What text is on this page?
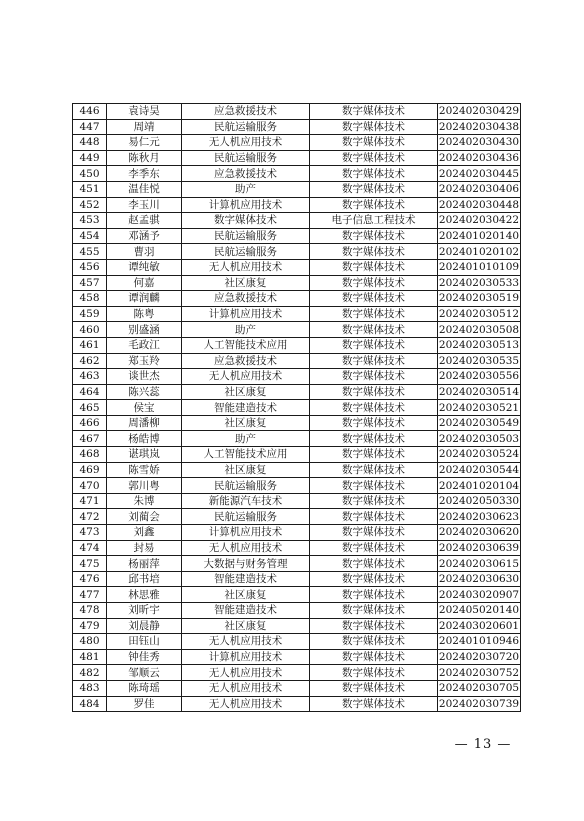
446	袁诗昊	应急救援技术	数字媒体技术	202402030429
447	周靖	民航运输服务	数字媒体技术	202402030438
448	易仁元	无人机应用技术	数字媒体技术	202402030430
449	陈秋月	民航运输服务	数字媒体技术	202402030436
450	李季东	应急救援技术	数字媒体技术	202402030445
451	温佳悦	助产	数字媒体技术	202402030406
452	李玉川	计算机应用技术	数字媒体技术	202402030448
453	赵孟骐	数字媒体技术	电子信息工程技术	202402030422
454	邓涵予	民航运输服务	数字媒体技术	202401020140
455	曹羽	民航运输服务	数字媒体技术	202401020102
456	谭纯敏	无人机应用技术	数字媒体技术	202401010109
457	何嘉	社区康复	数字媒体技术	202402030533
458	谭润麟	应急救援技术	数字媒体技术	202402030519
459	陈粤	计算机应用技术	数字媒体技术	202402030512
460	别盛涵	助产	数字媒体技术	202402030508
461	毛政江	人工智能技术应用	数字媒体技术	202402030513
462	郑玉羚	应急救援技术	数字媒体技术	202402030535
463	谈世杰	无人机应用技术	数字媒体技术	202402030556
464	陈兴蕊	社区康复	数字媒体技术	202402030514
465	侯宝	智能建造技术	数字媒体技术	202402030521
466	周潘柳	社区康复	数字媒体技术	202402030549
467	杨皓博	助产	数字媒体技术	202402030503
468	谌琪岚	人工智能技术应用	数字媒体技术	202402030524
469	陈雪娇	社区康复	数字媒体技术	202402030544
470	郭川粤	民航运输服务	数字媒体技术	202401020104
471	朱博	新能源汽车技术	数字媒体技术	202402050330
472	刘蔺会	民航运输服务	数字媒体技术	202402030623
473	刘鑫	计算机应用技术	数字媒体技术	202402030620
474	封易	无人机应用技术	数字媒体技术	202402030639
475	杨丽萍	大数据与财务管理	数字媒体技术	202402030615
476	邱书培	智能建造技术	数字媒体技术	202402030630
477	林思雅	社区康复	数字媒体技术	202403020907
478	刘昕宇	智能建造技术	数字媒体技术	202405020140
479	刘晨静	社区康复	数字媒体技术	202403020601
480	田钰山	无人机应用技术	数字媒体技术	202401010946
481	钟佳秀	计算机应用技术	数字媒体技术	202402030720
482	邹顺云	无人机应用技术	数字媒体技术	202402030752
483	陈琦瑶	无人机应用技术	数字媒体技术	202402030705
484	罗佳	无人机应用技术	数字媒体技术	202402030739
— 13 —
